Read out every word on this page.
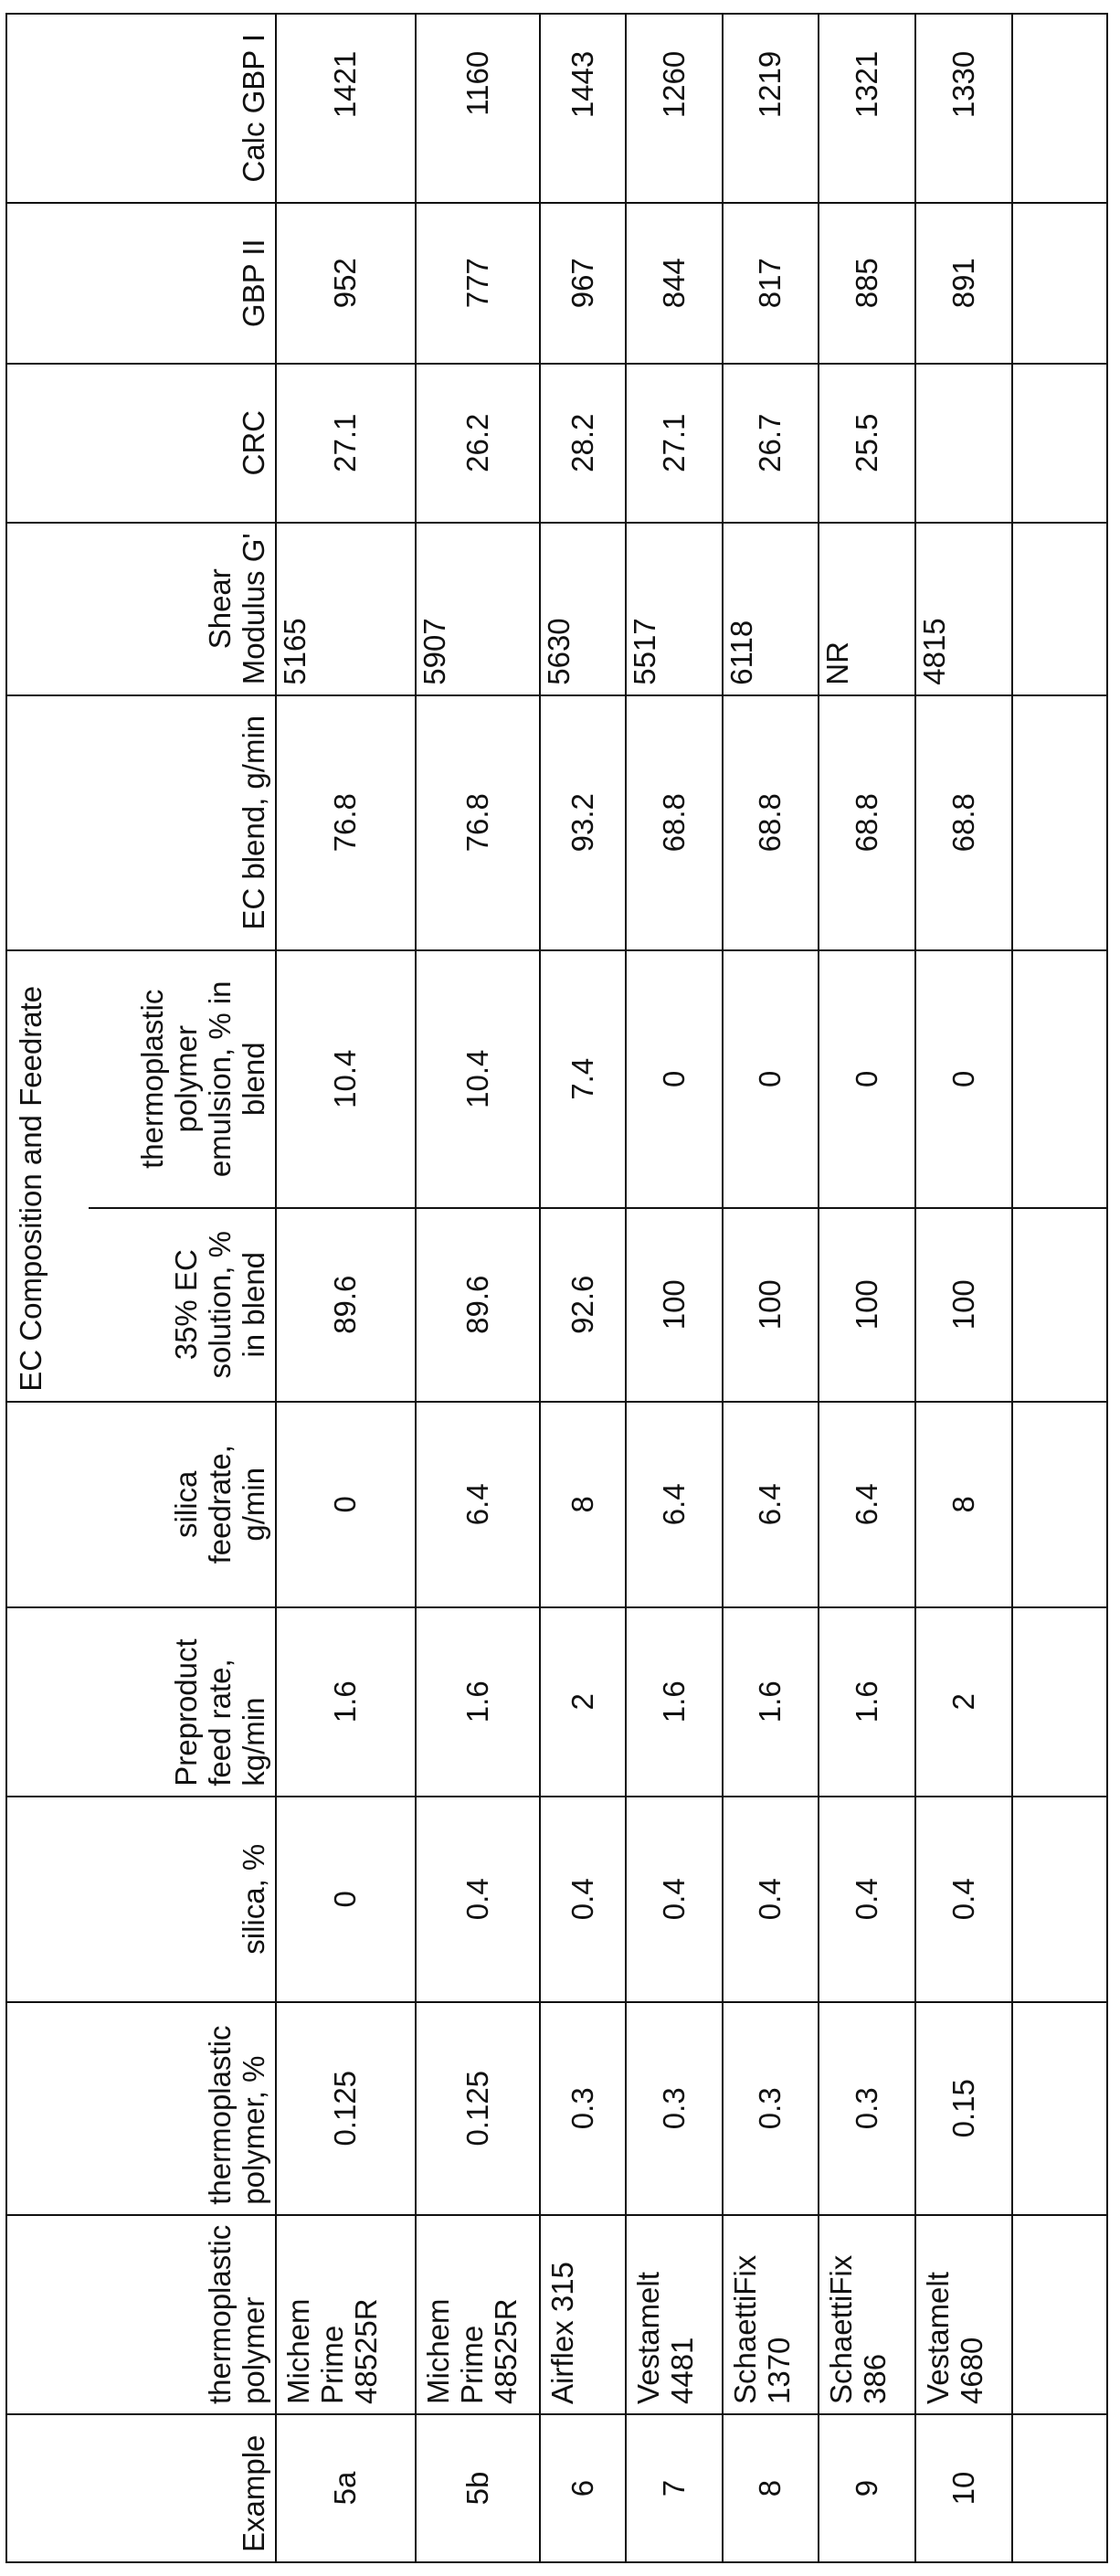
Example	thermoplastic polymer	thermoplastic polymer, %	silica, %	Preproduct feed rate, kg/min	silica feedrate, g/min	EC Composition and Feedrate	EC blend, g/min	Shear Modulus G'	CRC	GBP II	Calc GBP I
35% EC solution, % in blend	thermoplastic polymer emulsion, % in blend
5a	Michem Prime 48525R	0.125	0	1.6	0	89.6	10.4	76.8	5165	27.1	952	1421
5b	Michem Prime 48525R	0.125	0.4	1.6	6.4	89.6	10.4	76.8	5907	26.2	777	1160
6	Airflex 315	0.3	0.4	2	8	92.6	7.4	93.2	5630	28.2	967	1443
7	Vestamelt 4481	0.3	0.4	1.6	6.4	100	0	68.8	5517	27.1	844	1260
8	SchaettiFix 1370	0.3	0.4	1.6	6.4	100	0	68.8	6118	26.7	817	1219
9	SchaettiFix 386	0.3	0.4	1.6	6.4	100	0	68.8	NR	25.5	885	1321
10	Vestamelt 4680	0.15	0.4	2	8	100	0	68.8	4815		891	1330
